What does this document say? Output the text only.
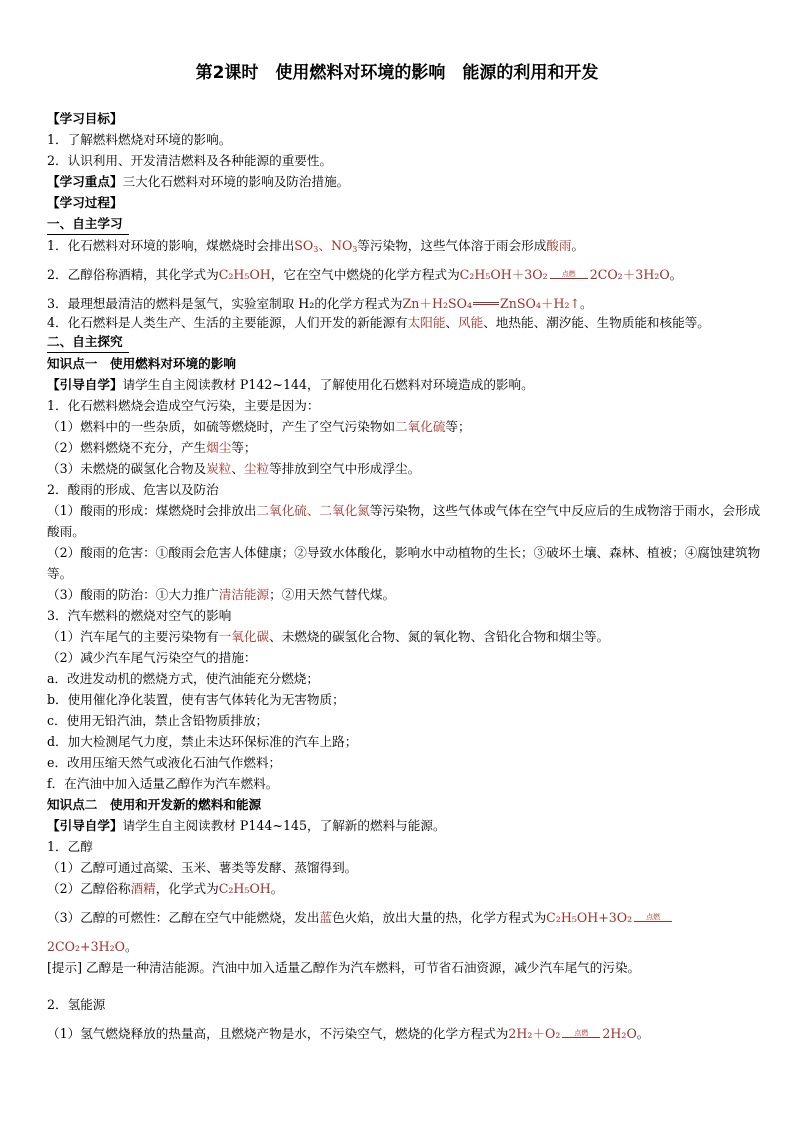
第2课时　使用燃料对环境的影响　能源的利用和开发
【学习目标】
1．了解燃料燃烧对环境的影响。
2．认识利用、开发清洁燃料及各种能源的重要性。
【学习重点】三大化石燃料对环境的影响及防治措施。
【学习过程】
一、自主学习
1．化石燃料对环境的影响，煤燃烧时会排出$SO_3$、$NO_3$等污染物，这些气体溶于雨会形成酸雨。
2．乙醇俗称酒精，其化学式为C₂H₅OH，它在空气中燃烧的化学方程式为C₂H₅OH＋3O₂ 点燃 2CO₂＋3H₂O。
3．最理想最清洁的燃料是氢气，实验室制取 H₂的化学方程式为Zn＋H₂SO₄ ZnSO₄＋H₂↑。
4．化石燃料是人类生产、生活的主要能源，人们开发的新能源有太阳能、风能、地热能、潮汐能、生物质能和核能等。
二、自主探究
知识点一　使用燃料对环境的影响
【引导自学】请学生自主阅读教材 P142~144，了解使用化石燃料对环境造成的影响。
1．化石燃料燃烧会造成空气污染，主要是因为：
（1）燃料中的一些杂质，如硫等燃烧时，产生了空气污染物如二氧化硫等；
（2）燃料燃烧不充分，产生烟尘等；
（3）未燃烧的碳氢化合物及炭粒、尘粒等排放到空气中形成浮尘。
2．酸雨的形成、危害以及防治
（1）酸雨的形成：煤燃烧时会排放出二氧化硫、二氧化氮等污染物，这些气体或气体在空气中反应后的生成物溶于雨水，会形成酸雨。
（2）酸雨的危害：①酸雨会危害人体健康；②导致水体酸化，影响水中动植物的生长；③破坏土壤、森林、植被；④腐蚀建筑物等。
（3）酸雨的防治：①大力推广清洁能源；②用天然气替代煤。
3．汽车燃料的燃烧对空气的影响
（1）汽车尾气的主要污染物有一氧化碳、未燃烧的碳氢化合物、氮的氧化物、含铅化合物和烟尘等。
（2）减少汽车尾气污染空气的措施：
a．改进发动机的燃烧方式，使汽油能充分燃烧；
b．使用催化净化装置，使有害气体转化为无害物质；
c．使用无铅汽油，禁止含铅物质排放；
d．加大检测尾气力度，禁止未达环保标准的汽车上路；
e．改用压缩天然气或液化石油气作燃料；
f．在汽油中加入适量乙醇作为汽车燃料。
知识点二　使用和开发新的燃料和能源
【引导自学】请学生自主阅读教材 P144~145，了解新的燃料与能源。
1．乙醇
（1）乙醇可通过高粱、玉米、薯类等发酵、蒸馏得到。
（2）乙醇俗称酒精，化学式为C₂H₅OH。
（3）乙醇的可燃性：乙醇在空气中能燃烧，发出蓝色火焰，放出大量的热，化学方程式为C₂H₅OH+3O₂ 点燃
2CO₂+3H₂O。
[提示] 乙醇是一种清洁能源。汽油中加入适量乙醇作为汽车燃料，可节省石油资源，减少汽车尾气的污染。
2．氢能源
（1）氢气燃烧释放的热量高，且燃烧产物是水，不污染空气，燃烧的化学方程式为2H₂＋O₂ 点燃 2H₂O。
